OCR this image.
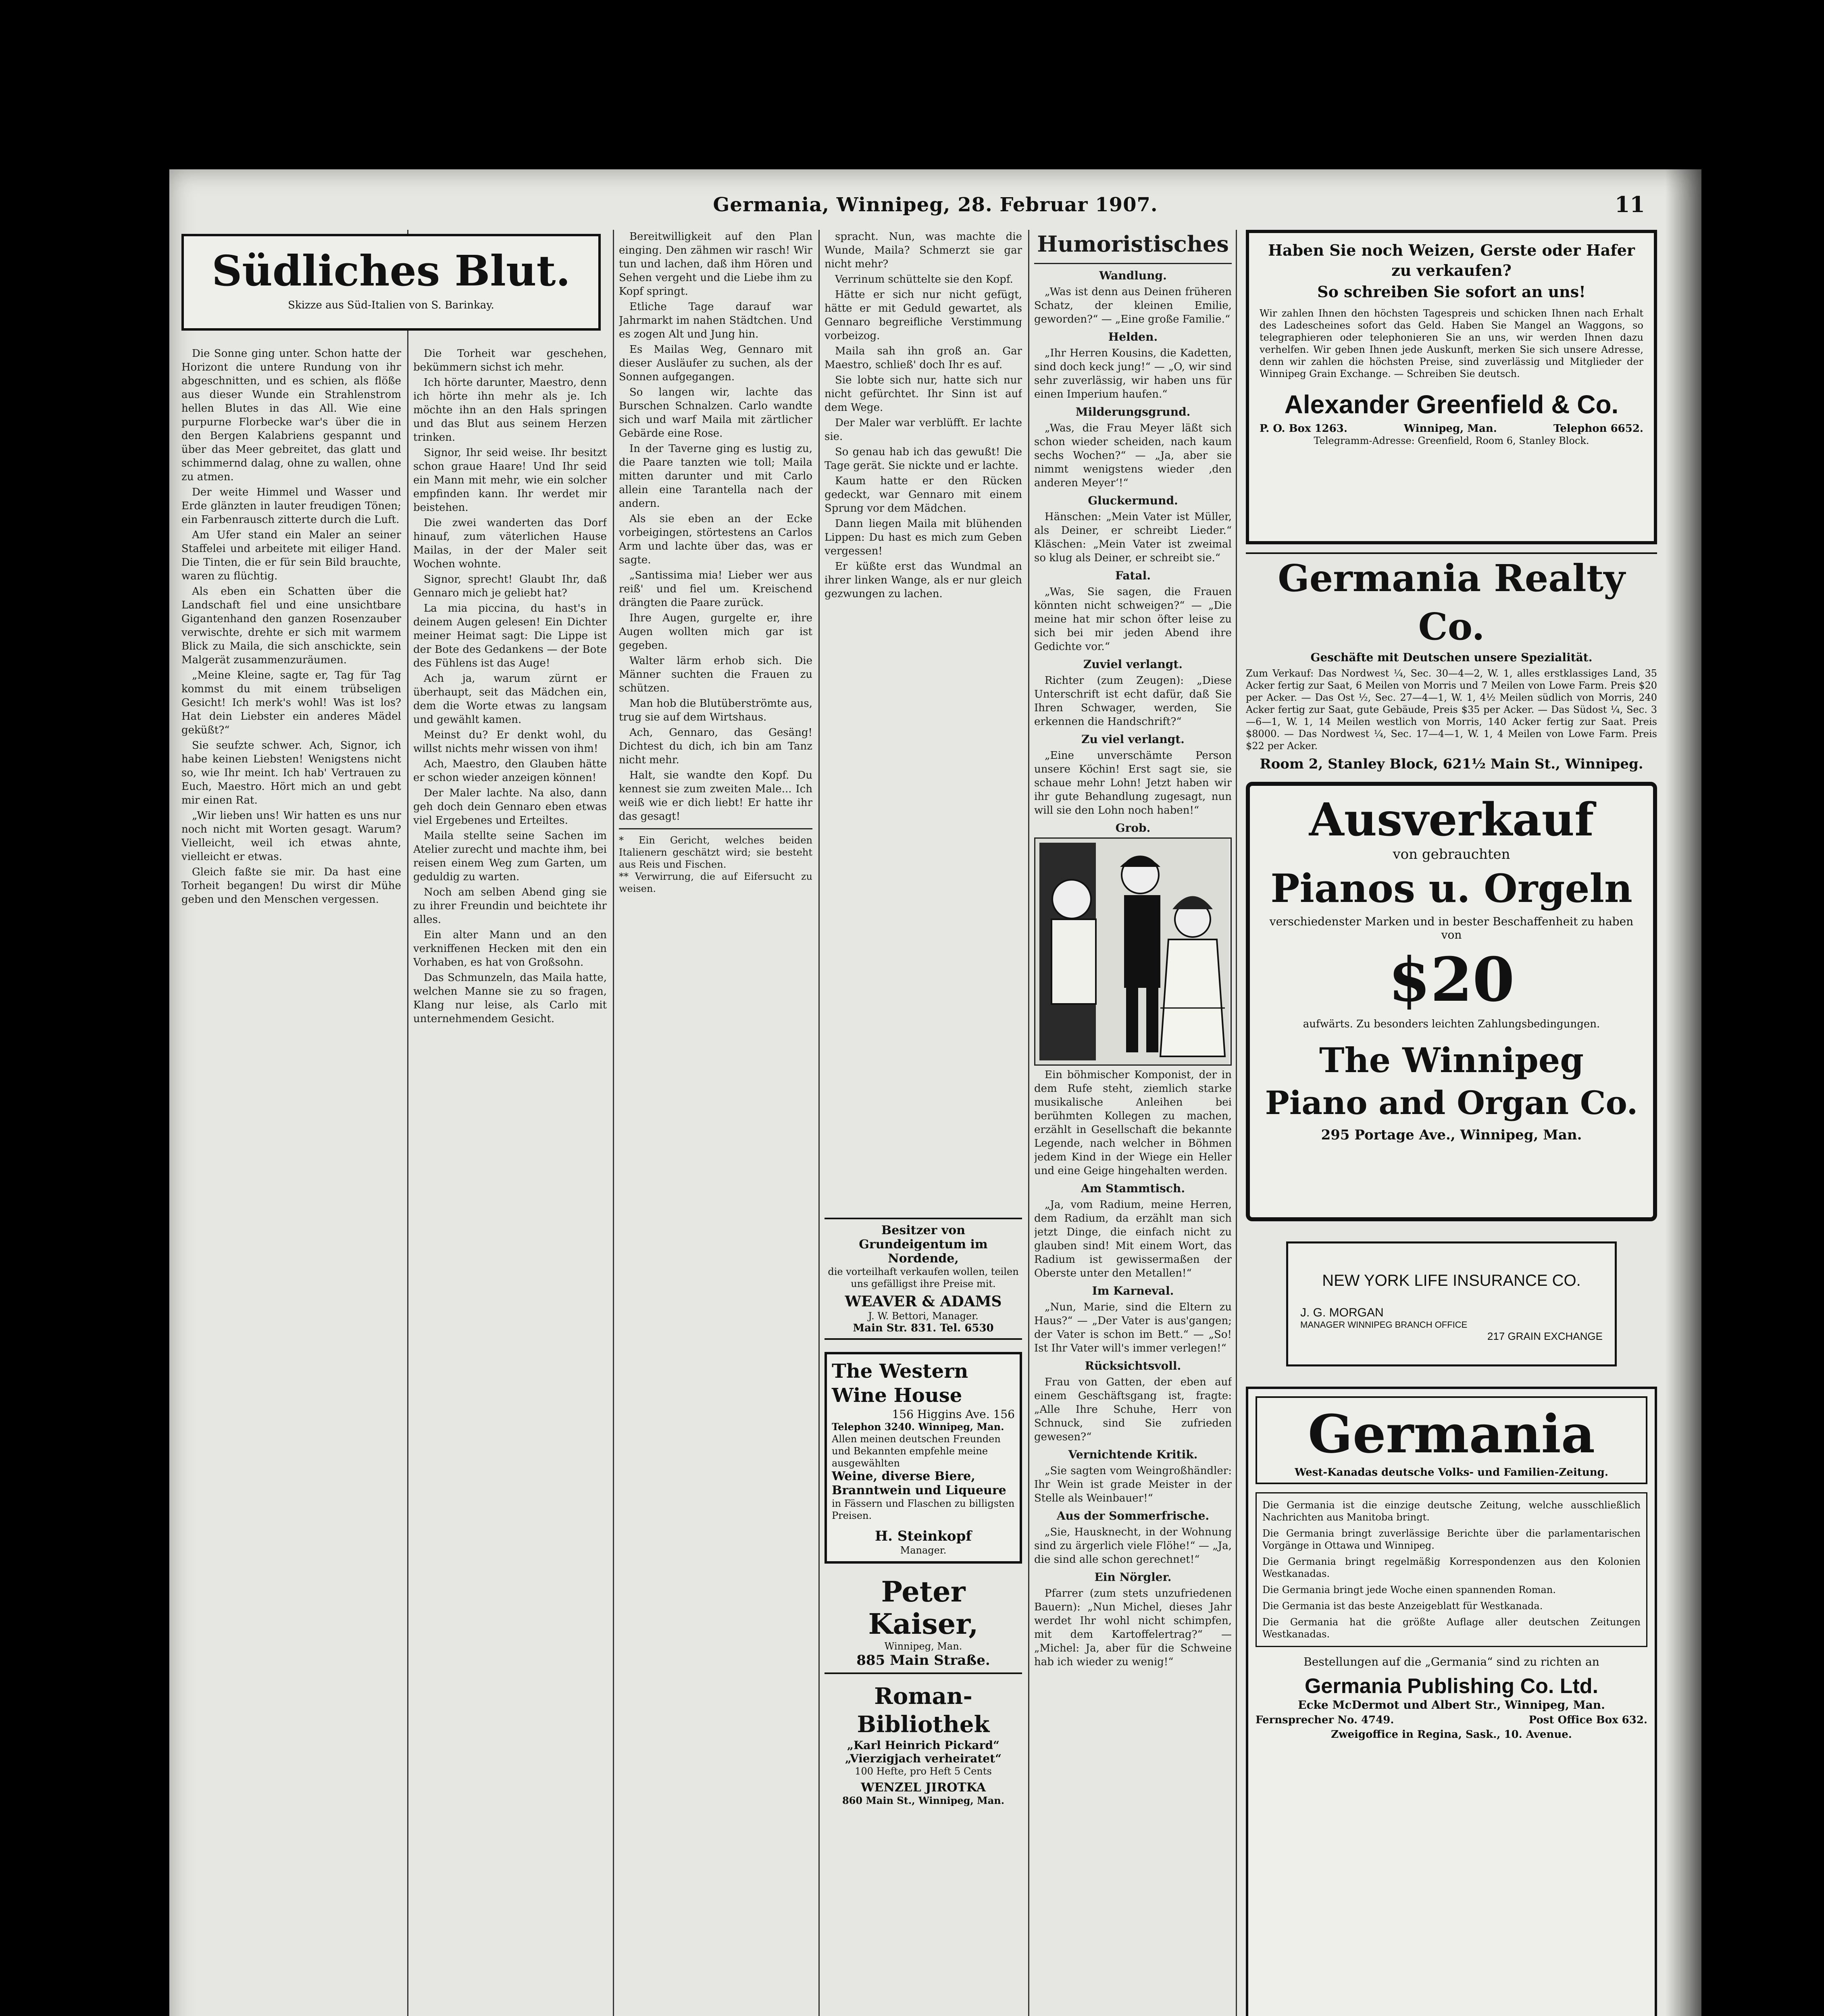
Germania, Winnipeg, 28. Februar 1907.	11
Südliches Blut.
Skizze aus Süd-Italien von S. Barinkay.

Die Sonne ging unter. Schon hatte der Horizont die untere Rundung von ihr abgeschnitten, und es schien, als flöße aus dieser Wunde ein Strahlenstrom hellen Blutes in das All. Wie eine purpurne Florbecke war's über die in den Bergen Kalabriens gespannt und über das Meer gebreitet, das glatt und schimmernd dalag, ohne zu wallen, ohne zu atmen.

Der weite Himmel und Wasser und Erde glänzten in lauter freudigen Tönen; ein Farbenrausch zitterte durch die Luft.

Am Ufer stand ein Maler an seiner Staffelei und arbeitete mit eiliger Hand. Die Tinten, die er für sein Bild brauchte, waren zu flüchtig.

Als eben ein Schatten über die Landschaft fiel und eine unsichtbare Gigantenhand den ganzen Rosenzauber verwischte, drehte er sich mit warmem Blick zu Maila, die sich anschickte, sein Malgerät zusammenzuräumen.

„Meine Kleine, sagte er, Tag für Tag kommst du mit einem trübseligen Gesicht! Ich merk's wohl! Was ist los? Hat dein Liebster ein anderes Mädel geküßt?“

Sie seufzte schwer. Ach, Signor, ich habe keinen Liebsten! Wenigstens nicht so, wie Ihr meint. Ich hab' Vertrauen zu Euch, Maestro. Hört mich an und gebt mir einen Rat.

„Wir lieben uns! Wir hatten es uns nur noch nicht mit Worten gesagt. Warum? Vielleicht, weil ich etwas ahnte, vielleicht er etwas.

Gleich faßte sie mir. Da hast eine Torheit begangen! Du wirst dir Mühe geben und den Menschen vergessen.

Die Torheit war geschehen, bekümmern sichst ich mehr.

Ich hörte darunter, Maestro, denn ich hörte ihn mehr als je. Ich möchte ihn an den Hals springen und das Blut aus seinem Herzen trinken.

Signor, Ihr seid weise. Ihr besitzt schon graue Haare! Und Ihr seid ein Mann mit mehr, wie ein solcher empfinden kann. Ihr werdet mir beistehen.

Die zwei wanderten das Dorf hinauf, zum väterlichen Hause Mailas, in der der Maler seit Wochen wohnte.

Signor, sprecht! Glaubt Ihr, daß Gennaro mich je geliebt hat?

La mia piccina, du hast's in deinem Augen gelesen! Ein Dichter meiner Heimat sagt: Die Lippe ist der Bote des Gedankens — der Bote des Fühlens ist das Auge!

Ach ja, warum zürnt er überhaupt, seit das Mädchen ein, dem die Worte etwas zu langsam und gewählt kamen.

Meinst du? Er denkt wohl, du willst nichts mehr wissen von ihm!

Ach, Maestro, den Glauben hätte er schon wieder anzeigen können!

Der Maler lachte. Na also, dann geh doch dein Gennaro eben etwas viel Ergebenes und Erteiltes.

Maila stellte seine Sachen im Atelier zurecht und machte ihm, bei reisen einem Weg zum Garten, um geduldig zu warten.

Noch am selben Abend ging sie zu ihrer Freundin und beichtete ihr alles.

Ein alter Mann und an den verkniffenen Hecken mit den ein Vorhaben, es hat von Großsohn.

Das Schmunzeln, das Maila hatte, welchen Manne sie zu so fragen, Klang nur leise, als Carlo mit unternehmendem Gesicht.

Bereitwilligkeit auf den Plan einging. Den zähmen wir rasch! Wir tun und lachen, daß ihm Hören und Sehen vergeht und die Liebe ihm zu Kopf springt.

Etliche Tage darauf war Jahrmarkt im nahen Städtchen. Und es zogen Alt und Jung hin.

Es Mailas Weg, Gennaro mit dieser Ausläufer zu suchen, als der Sonnen aufgegangen.

So langen wir, lachte das Burschen Schnalzen. Carlo wandte sich und warf Maila mit zärtlicher Gebärde eine Rose.

In der Taverne ging es lustig zu, die Paare tanzten wie toll; Maila mitten darunter und mit Carlo allein eine Tarantella nach der andern.

Als sie eben an der Ecke vorbeigingen, störtestens an Carlos Arm und lachte über das, was er sagte.

„Santissima mia! Lieber wer aus reiß' und fiel um. Kreischend drängten die Paare zurück.

Ihre Augen, gurgelte er, ihre Augen wollten mich gar ist gegeben.

Walter lärm erhob sich. Die Männer suchten die Frauen zu schützen.

Man hob die Blutüberströmte aus, trug sie auf dem Wirtshaus.

Ach, Gennaro, das Gesäng! Dichtest du dich, ich bin am Tanz nicht mehr.

Halt, sie wandte den Kopf. Du kennest sie zum zweiten Male... Ich weiß wie er dich liebt! Er hatte ihr das gesagt!

* Ein Gericht, welches beiden Italienern geschätzt wird; sie besteht aus Reis und Fischen.
** Verwirrung, die auf Eifersucht zu weisen.

spracht. Nun, was machte die Wunde, Maila? Schmerzt sie gar nicht mehr?

Verrinum schüttelte sie den Kopf.

Hätte er sich nur nicht gefügt, hätte er mit Geduld gewartet, als Gennaro begreifliche Verstimmung vorbeizog.

Maila sah ihn groß an. Gar Maestro, schließ' doch Ihr es auf.

Sie lobte sich nur, hatte sich nur nicht gefürchtet. Ihr Sinn ist auf dem Wege.

Der Maler war verblüfft. Er lachte sie.

So genau hab ich das gewußt! Die Tage gerät. Sie nickte und er lachte.

Kaum hatte er den Rücken gedeckt, war Gennaro mit einem Sprung vor dem Mädchen.

Dann liegen Maila mit blühenden Lippen: Du hast es mich zum Geben vergessen!

Er küßte erst das Wundmal an ihrer linken Wange, als er nur gleich gezwungen zu lachen.

Besitzer von Grundeigentum im Nordende,
die vorteilhaft verkaufen wollen, teilen uns gefälligst ihre Preise mit.
WEAVER & ADAMS
J. W. Bettori, Manager.
Main Str. 831. Tel. 6530
The Western Wine House
156 Higgins Ave. 156
Telephon 3240. Winnipeg, Man.
Allen meinen deutschen Freunden und Bekannten empfehle meine ausgewählten
Weine, diverse Biere, Branntwein und Liqueure
in Fässern und Flaschen zu billigsten Preisen.
H. Steinkopf
Manager.
Peter Kaiser,
Winnipeg, Man.
885 Main Straße.
Roman-Bibliothek
„Karl Heinrich Pickard“
„Vierzigjach verheiratet“
100 Hefte, pro Heft 5 Cents
WENZEL JIROTKA
860 Main St., Winnipeg, Man.
Humoristisches
Wandlung.

„Was ist denn aus Deinen früheren Schatz, der kleinen Emilie, geworden?“ — „Eine große Familie.“

Helden.

„Ihr Herren Kousins, die Kadetten, sind doch keck jung!“ — „O, wir sind sehr zuverlässig, wir haben uns für einen Imperium haufen.“

Milderungsgrund.

„Was, die Frau Meyer läßt sich schon wieder scheiden, nach kaum sechs Wochen?“ — „Ja, aber sie nimmt wenigstens wieder ‚den anderen Meyer‘!“

Gluckermund.

Hänschen: „Mein Vater ist Müller, als Deiner, er schreibt Lieder.“ Kläschen: „Mein Vater ist zweimal so klug als Deiner, er schreibt sie.“

Fatal.

„Was, Sie sagen, die Frauen könnten nicht schweigen?“ — „Die meine hat mir schon öfter leise zu sich bei mir jeden Abend ihre Gedichte vor.“

Zuviel verlangt.

Richter (zum Zeugen): „Diese Unterschrift ist echt dafür, daß Sie Ihren Schwager, werden, Sie erkennen die Handschrift?“

Zu viel verlangt.

„Eine unverschämte Person unsere Köchin! Erst sagt sie, sie schaue mehr Lohn! Jetzt haben wir ihr gute Behandlung zugesagt, nun will sie den Lohn noch haben!“

Grob.

Ein böhmischer Komponist, der in dem Rufe steht, ziemlich starke musikalische Anleihen bei berühmten Kollegen zu machen, erzählt in Gesellschaft die bekannte Legende, nach welcher in Böhmen jedem Kind in der Wiege ein Heller und eine Geige hingehalten werden.

Am Stammtisch.

„Ja, vom Radium, meine Herren, dem Radium, da erzählt man sich jetzt Dinge, die einfach nicht zu glauben sind! Mit einem Wort, das Radium ist gewissermaßen der Oberste unter den Metallen!“

Im Karneval.

„Nun, Marie, sind die Eltern zu Haus?“ — „Der Vater is aus'gangen; der Vater is schon im Bett.“ — „So! Ist Ihr Vater will's immer verlegen!“

Rücksichtsvoll.

Frau von Gatten, der eben auf einem Geschäftsgang ist, fragte: „Alle Ihre Schuhe, Herr von Schnuck, sind Sie zufrieden gewesen?“

Vernichtende Kritik.

„Sie sagten vom Weingroßhändler: Ihr Wein ist grade Meister in der Stelle als Weinbauer!“

Aus der Sommerfrische.

„Sie, Hausknecht, in der Wohnung sind zu ärgerlich viele Flöhe!“ — „Ja, die sind alle schon gerechnet!“

Ein Nörgler.

Pfarrer (zum stets unzufriedenen Bauern): „Nun Michel, dieses Jahr werdet Ihr wohl nicht schimpfen, mit dem Kartoffelertrag?“ — „Michel: Ja, aber für die Schweine hab ich wieder zu wenig!“

Haben Sie noch Weizen, Gerste oder Hafer zu verkaufen?
So schreiben Sie sofort an uns!
Wir zahlen Ihnen den höchsten Tagespreis und schicken Ihnen nach Erhalt des Ladescheines sofort das Geld. Haben Sie Mangel an Waggons, so telegraphieren oder telephonieren Sie an uns, wir werden Ihnen dazu verhelfen. Wir geben Ihnen jede Auskunft, merken Sie sich unsere Adresse, denn wir zahlen die höchsten Preise, sind zuverlässig und Mitglieder der Winnipeg Grain Exchange. — Schreiben Sie deutsch.
Alexander Greenfield & Co.
P. O. Box 1263.	Winnipeg, Man.	Telephon 6652.
Telegramm-Adresse: Greenfield, Room 6, Stanley Block.
Germania Realty Co.
Geschäfte mit Deutschen unsere Spezialität.
Zum Verkauf: Das Nordwest ¼, Sec. 30—4—2, W. 1, alles erstklassiges Land, 35 Acker fertig zur Saat, 6 Meilen von Morris und 7 Meilen von Lowe Farm. Preis $20 per Acker. — Das Ost ½, Sec. 27—4—1, W. 1, 4½ Meilen südlich von Morris, 240 Acker fertig zur Saat, gute Gebäude, Preis $35 per Acker. — Das Südost ¼, Sec. 3—6—1, W. 1, 14 Meilen westlich von Morris, 140 Acker fertig zur Saat. Preis $8000. — Das Nordwest ¼, Sec. 17—4—1, W. 1, 4 Meilen von Lowe Farm. Preis $22 per Acker.
Room 2, Stanley Block, 621½ Main St., Winnipeg.
Ausverkauf
von gebrauchten
Pianos u. Orgeln
verschiedenster Marken und in bester Beschaffenheit zu haben von
$20
aufwärts. Zu besonders leichten Zahlungsbedingungen.
The Winnipeg
Piano and Organ Co.
295 Portage Ave., Winnipeg, Man.
NEW YORK LIFE INSURANCE CO.
J. G. MORGAN
MANAGER WINNIPEG BRANCH OFFICE
217 GRAIN EXCHANGE
Germania
West-Kanadas deutsche Volks- und Familien-Zeitung.

Die Germania ist die einzige deutsche Zeitung, welche ausschließlich Nachrichten aus Manitoba bringt.

Die Germania bringt zuverlässige Berichte über die parlamentarischen Vorgänge in Ottawa und Winnipeg.

Die Germania bringt regelmäßig Korrespondenzen aus den Kolonien Westkanadas.

Die Germania bringt jede Woche einen spannenden Roman.

Die Germania ist das beste Anzeigeblatt für Westkanada.

Die Germania hat die größte Auflage aller deutschen Zeitungen Westkanadas.

Bestellungen auf die „Germania“ sind zu richten an
Germania Publishing Co. Ltd.
Ecke McDermot und Albert Str., Winnipeg, Man.
Fernsprecher No. 4749.	Post Office Box 632.
Zweigoffice in Regina, Sask., 10. Avenue.
